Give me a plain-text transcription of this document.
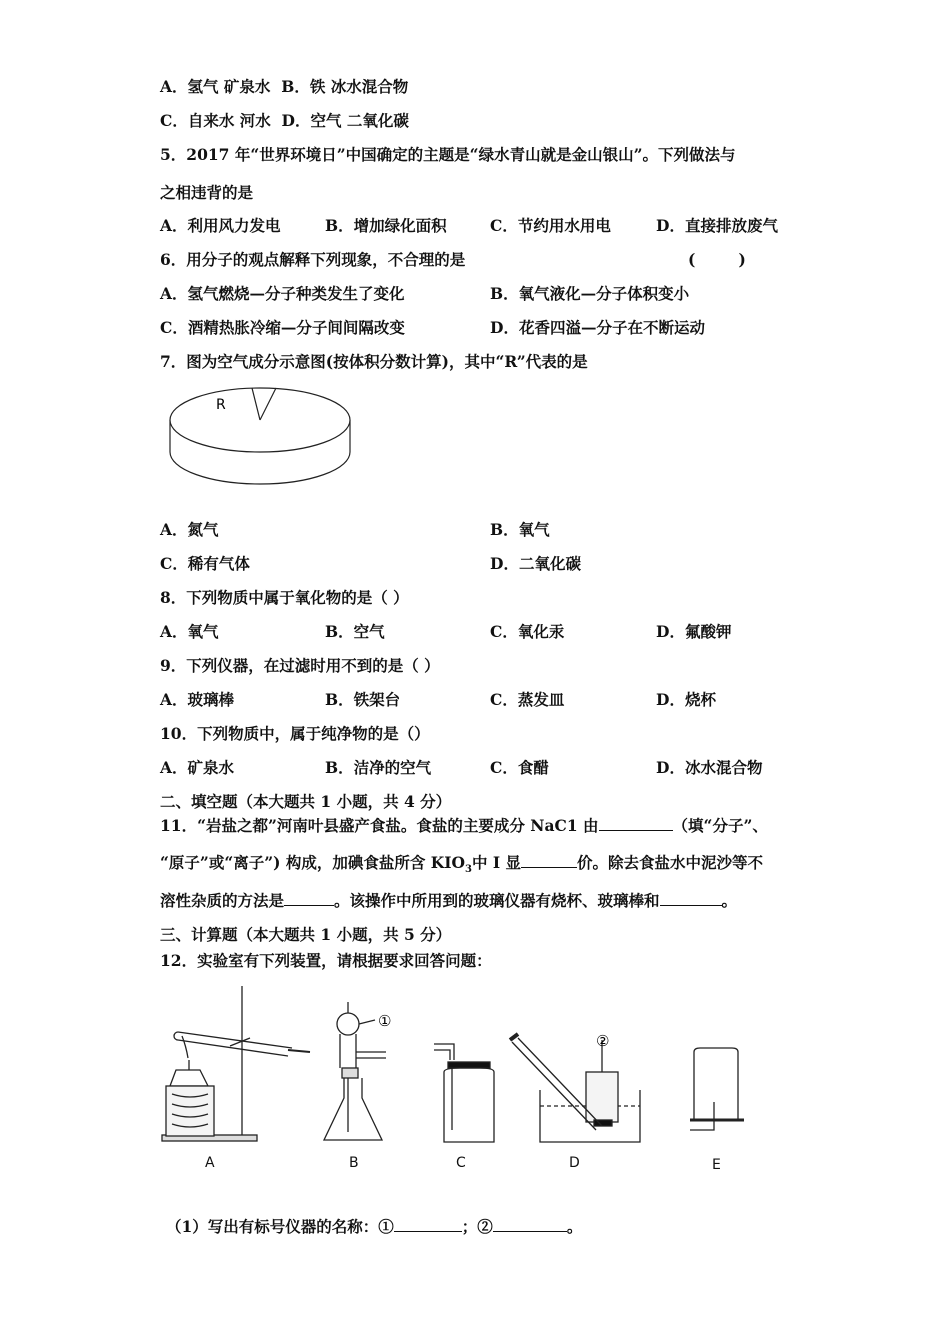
A．氢气 矿泉水 B．铁 冰水混合物
C．自来水 河水 D．空气 二氧化碳
5．2017 年“世界环境日”中国确定的主题是“绿水青山就是金山银山”。下列做法与
之相违背的是
A．利用风力发电	B．增加绿化面积	C．节约用水用电	D．直接排放废气
6．用分子的观点解释下列现象，不合理的是	(        )
A．氢气燃烧—分子种类发生了变化	B．氧气液化—分子体积变小
C．酒精热胀冷缩—分子间间隔改变	D．花香四溢—分子在不断运动
7．图为空气成分示意图(按体积分数计算)，其中“R”代表的是
R
A．氮气	B．氧气
C．稀有气体	D．二氧化碳
8．下列物质中属于氧化物的是（ ）
A．氧气	B．空气	C．氧化汞	D．氟酸钾
9．下列仪器，在过滤时用不到的是（ ）
A．玻璃棒	B．铁架台	C．蒸发皿	D．烧杯
10．下列物质中，属于纯净物的是（）
A．矿泉水	B．洁净的空气	C．食醋	D．冰水混合物
二、填空题（本大题共 1 小题，共 4 分）
11．“岩盐之都”河南叶县盛产食盐。食盐的主要成分 NaC1 由	（填“分子”、
“原子”或“离子”) 构成，加碘食盐所含 $KIO_3$中 I 显	价。除去食盐水中泥沙等不
溶性杂质的方法是	。该操作中所用到的玻璃仪器有烧杯、玻璃棒和	。
三、计算题（本大题共 1 小题，共 5 分）
12．实验室有下列装置，请根据要求回答问题：
①
②
A	B	C	D	E
（1）写出有标号仪器的名称：①	；②	。
